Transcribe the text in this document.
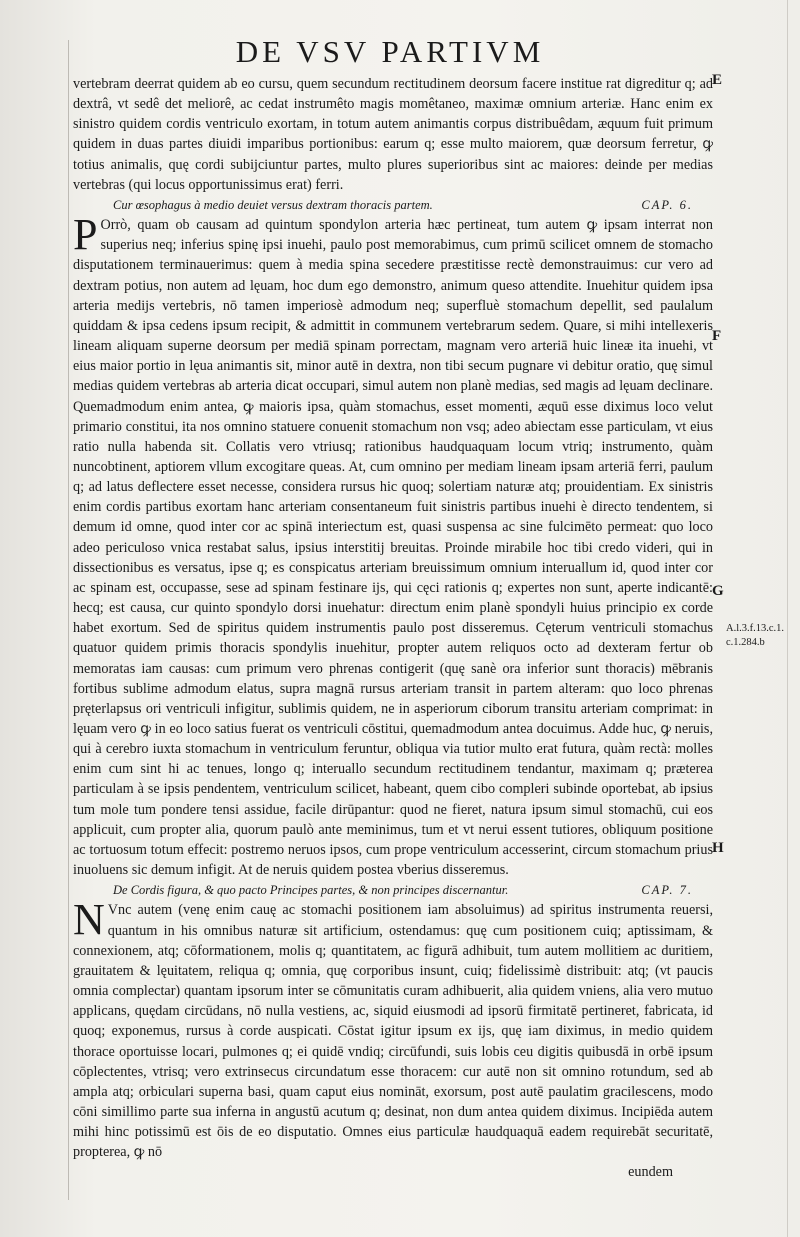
DE VSV PARTIVM

vertebram deerrat quidem ab eo cursu, quem secundum rectitudinem deorsum facere institue rat digreditur q; ad dextrâ, vt sedê det meliorê, ac cedat instrumêto magis momêtaneo, maximæ omnium arteriæ. Hanc enim ex sinistro quidem cordis ventriculo exortam, in totum autem animantis corpus distribuêdam, æquum fuit primum quidem in duas partes diuidi imparibus portionibus: earum q; esse multo maiorem, quæ deorsum ferretur, ꝙ totius animalis, quę cordi subijciuntur partes, multo plures superioribus sint ac maiores: deinde per medias vertebras (qui locus opportunissimus erat) ferri.

Cur œsophagus à medio deuiet versus dextram thoracis partem.	CAP. 6.

P Orrò, quam ob causam ad quintum spondylon arteria hæc pertineat, tum autem ꝙ ipsam interrat non superius neq; inferius spinę ipsi inuehi, paulo post memorabimus, cum primū scilicet omnem de stomacho disputationem terminauerimus: quem à media spina secedere præstitisse rectè demonstrauimus: cur vero ad dextram potius, non autem ad lęuam, hoc dum ego demonstro, animum queso attendite. Inuehitur quidem ipsa arteria medijs vertebris, nō tamen imperiosè admodum neq; superfluè stomachum depellit, sed paulalum quiddam & ipsa cedens ipsum recipit, & admittit in communem vertebrarum sedem. Quare, si mihi intellexeris lineam aliquam superne deorsum per mediā spinam porrectam, magnam vero arteriā huic lineæ ita inuehi, vt eius maior portio in lęua animantis sit, minor autē in dextra, non tibi secum pugnare vi debitur oratio, quę simul medias quidem vertebras ab arteria dicat occupari, simul autem non planè medias, sed magis ad lęuam declinare. Quemadmodum enim antea, ꝙ maioris ipsa, quàm stomachus, esset momenti, æquū esse diximus loco velut primario constitui, ita nos omnino statuere conuenit stomachum non vsq; adeo abiectam esse particulam, vt eius ratio nulla habenda sit. Collatis vero vtriusq; rationibus haudquaquam locum vtriq; instrumento, quàm nuncobtinent, aptiorem vllum excogitare queas. At, cum omnino per mediam lineam ipsam arteriā ferri, paulum q; ad latus deflectere esset necesse, considera rursus hic quoq; solertiam naturæ atq; prouidentiam. Ex sinistris enim cordis partibus exortam hanc arteriam consentaneum fuit sinistris partibus inuehi è directo tendentem, si demum id omne, quod inter cor ac spinā interiectum est, quasi suspensa ac sine fulcimēto permeat: quo loco adeo periculoso vnica restabat salus, ipsius interstitij breuitas. Proinde mirabile hoc tibi credo videri, qui in dissectionibus es versatus, ipse q; es conspicatus arteriam breuissimum omnium interuallum id, quod inter cor ac spinam est, occupasse, sese ad spinam festinare ijs, qui cęci rationis q; expertes non sunt, aperte indicantē: hecq; est causa, cur quinto spondylo dorsi inuehatur: directum enim planè spondyli huius principio ex corde habet exortum. Sed de spiritus quidem instrumentis paulo post disseremus. Cęterum ventriculi stomachus quatuor quidem primis thoracis spondylis inuehitur, propter autem reliquos octo ad dexteram fertur ob memoratas iam causas: cum primum vero phrenas contigerit (quę sanè ora inferior sunt thoracis) mēbranis fortibus sublime admodum elatus, supra magnā rursus arteriam transit in partem alteram: quo loco phrenas pręterlapsus ori ventriculi infigitur, sublimis quidem, ne in asperiorum ciborum transitu arteriam comprimat: in lęuam vero ꝙ in eo loco satius fuerat os ventriculi cōstitui, quemadmodum antea docuimus. Adde huc, ꝙ neruis, qui à cerebro iuxta stomachum in ventriculum feruntur, obliqua via tutior multo erat futura, quàm rectà: molles enim cum sint hi ac tenues, longo q; interuallo secundum rectitudinem tendantur, maximam q; præterea particulam à se ipsis pendentem, ventriculum scilicet, habeant, quem cibo compleri subinde oportebat, ab ipsius tum mole tum pondere tensi assidue, facile dirūpantur: quod ne fieret, natura ipsum simul stomachū, cui eos applicuit, cum propter alia, quorum paulò ante meminimus, tum et vt nerui essent tutiores, obliquum positione ac tortuosum totum effecit: postremo neruos ipsos, cum prope ventriculum accesserint, circum stomachum prius inuoluens sic demum infigit. At de neruis quidem postea vberius disseremus.

De Cordis figura, & quo pacto Principes partes, & non principes discernantur.	CAP. 7.

N Vnc autem (venę enim cauę ac stomachi positionem iam absoluimus) ad spiritus instrumenta reuersi, quantum in his omnibus naturæ sit artificium, ostendamus: quę cum positionem cuiq; aptissimam, & connexionem, atq; cōformationem, molis q; quantitatem, ac figurā adhibuit, tum autem mollitiem ac duritiem, grauitatem & lęuitatem, reliqua q; omnia, quę corporibus insunt, cuiq; fidelissimè distribuit: atq; (vt paucis omnia complectar) quantam ipsorum inter se cōmunitatis curam adhibuerit, alia quidem vniens, alia vero mutuo applicans, quędam circūdans, nō nulla vestiens, ac, siquid eiusmodi ad ipsorū firmitatē pertineret, fabricata, id quoq; exponemus, rursus à corde auspicati. Cōstat igitur ipsum ex ijs, quę iam diximus, in medio quidem thorace oportuisse locari, pulmones q; ei quidē vndiq; circūfundi, suis lobis ceu digitis quibusdā in orbē ipsum cōplectentes, vtrisq; vero extrinsecus circundatum esse thoracem: cur autē non sit omnino rotundum, sed ab ampla atq; orbiculari superna basi, quam caput eius nomināt, exorsum, post autē paulatim gracilescens, modo cōni simillimo parte sua inferna in angustū acutum q; desinat, non dum antea quidem diximus. Incipiēda autem mihi hinc potissimū est ōis de eo disputatio. Omnes eius particulæ haudquaquā eadem requirebāt securitatē, propterea, ꝙ nō

eundem
E
F
G
H
A.l.3.f.13.c.1.
c.1.284.b
